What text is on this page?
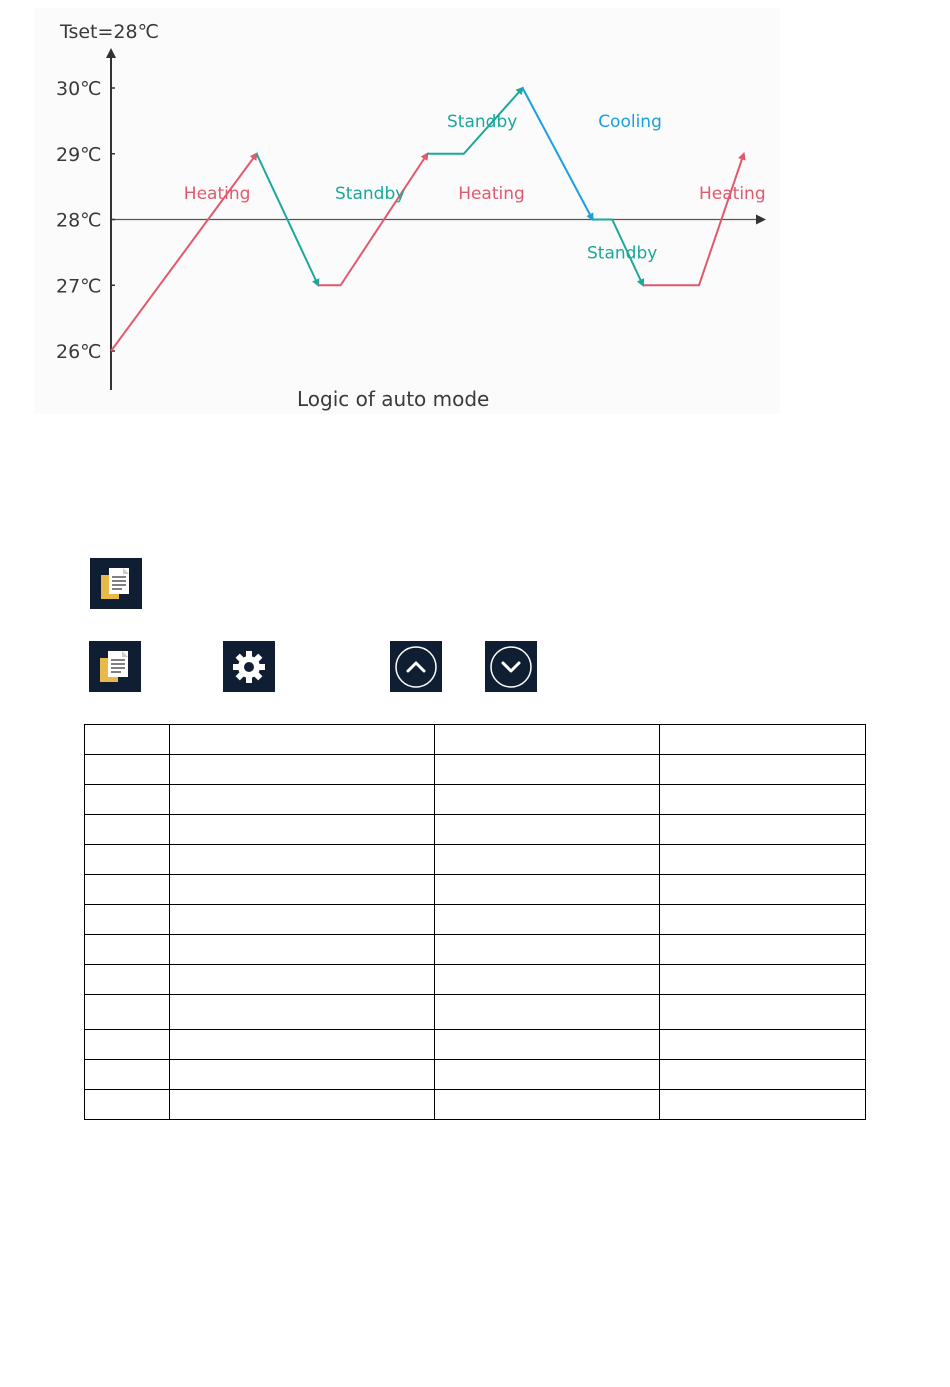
30℃
29℃
28℃
27℃
26℃
Heating	Standby	Heating
Standby	Cooling
Standby
Heating
Tset=28℃
Logic of auto mode
